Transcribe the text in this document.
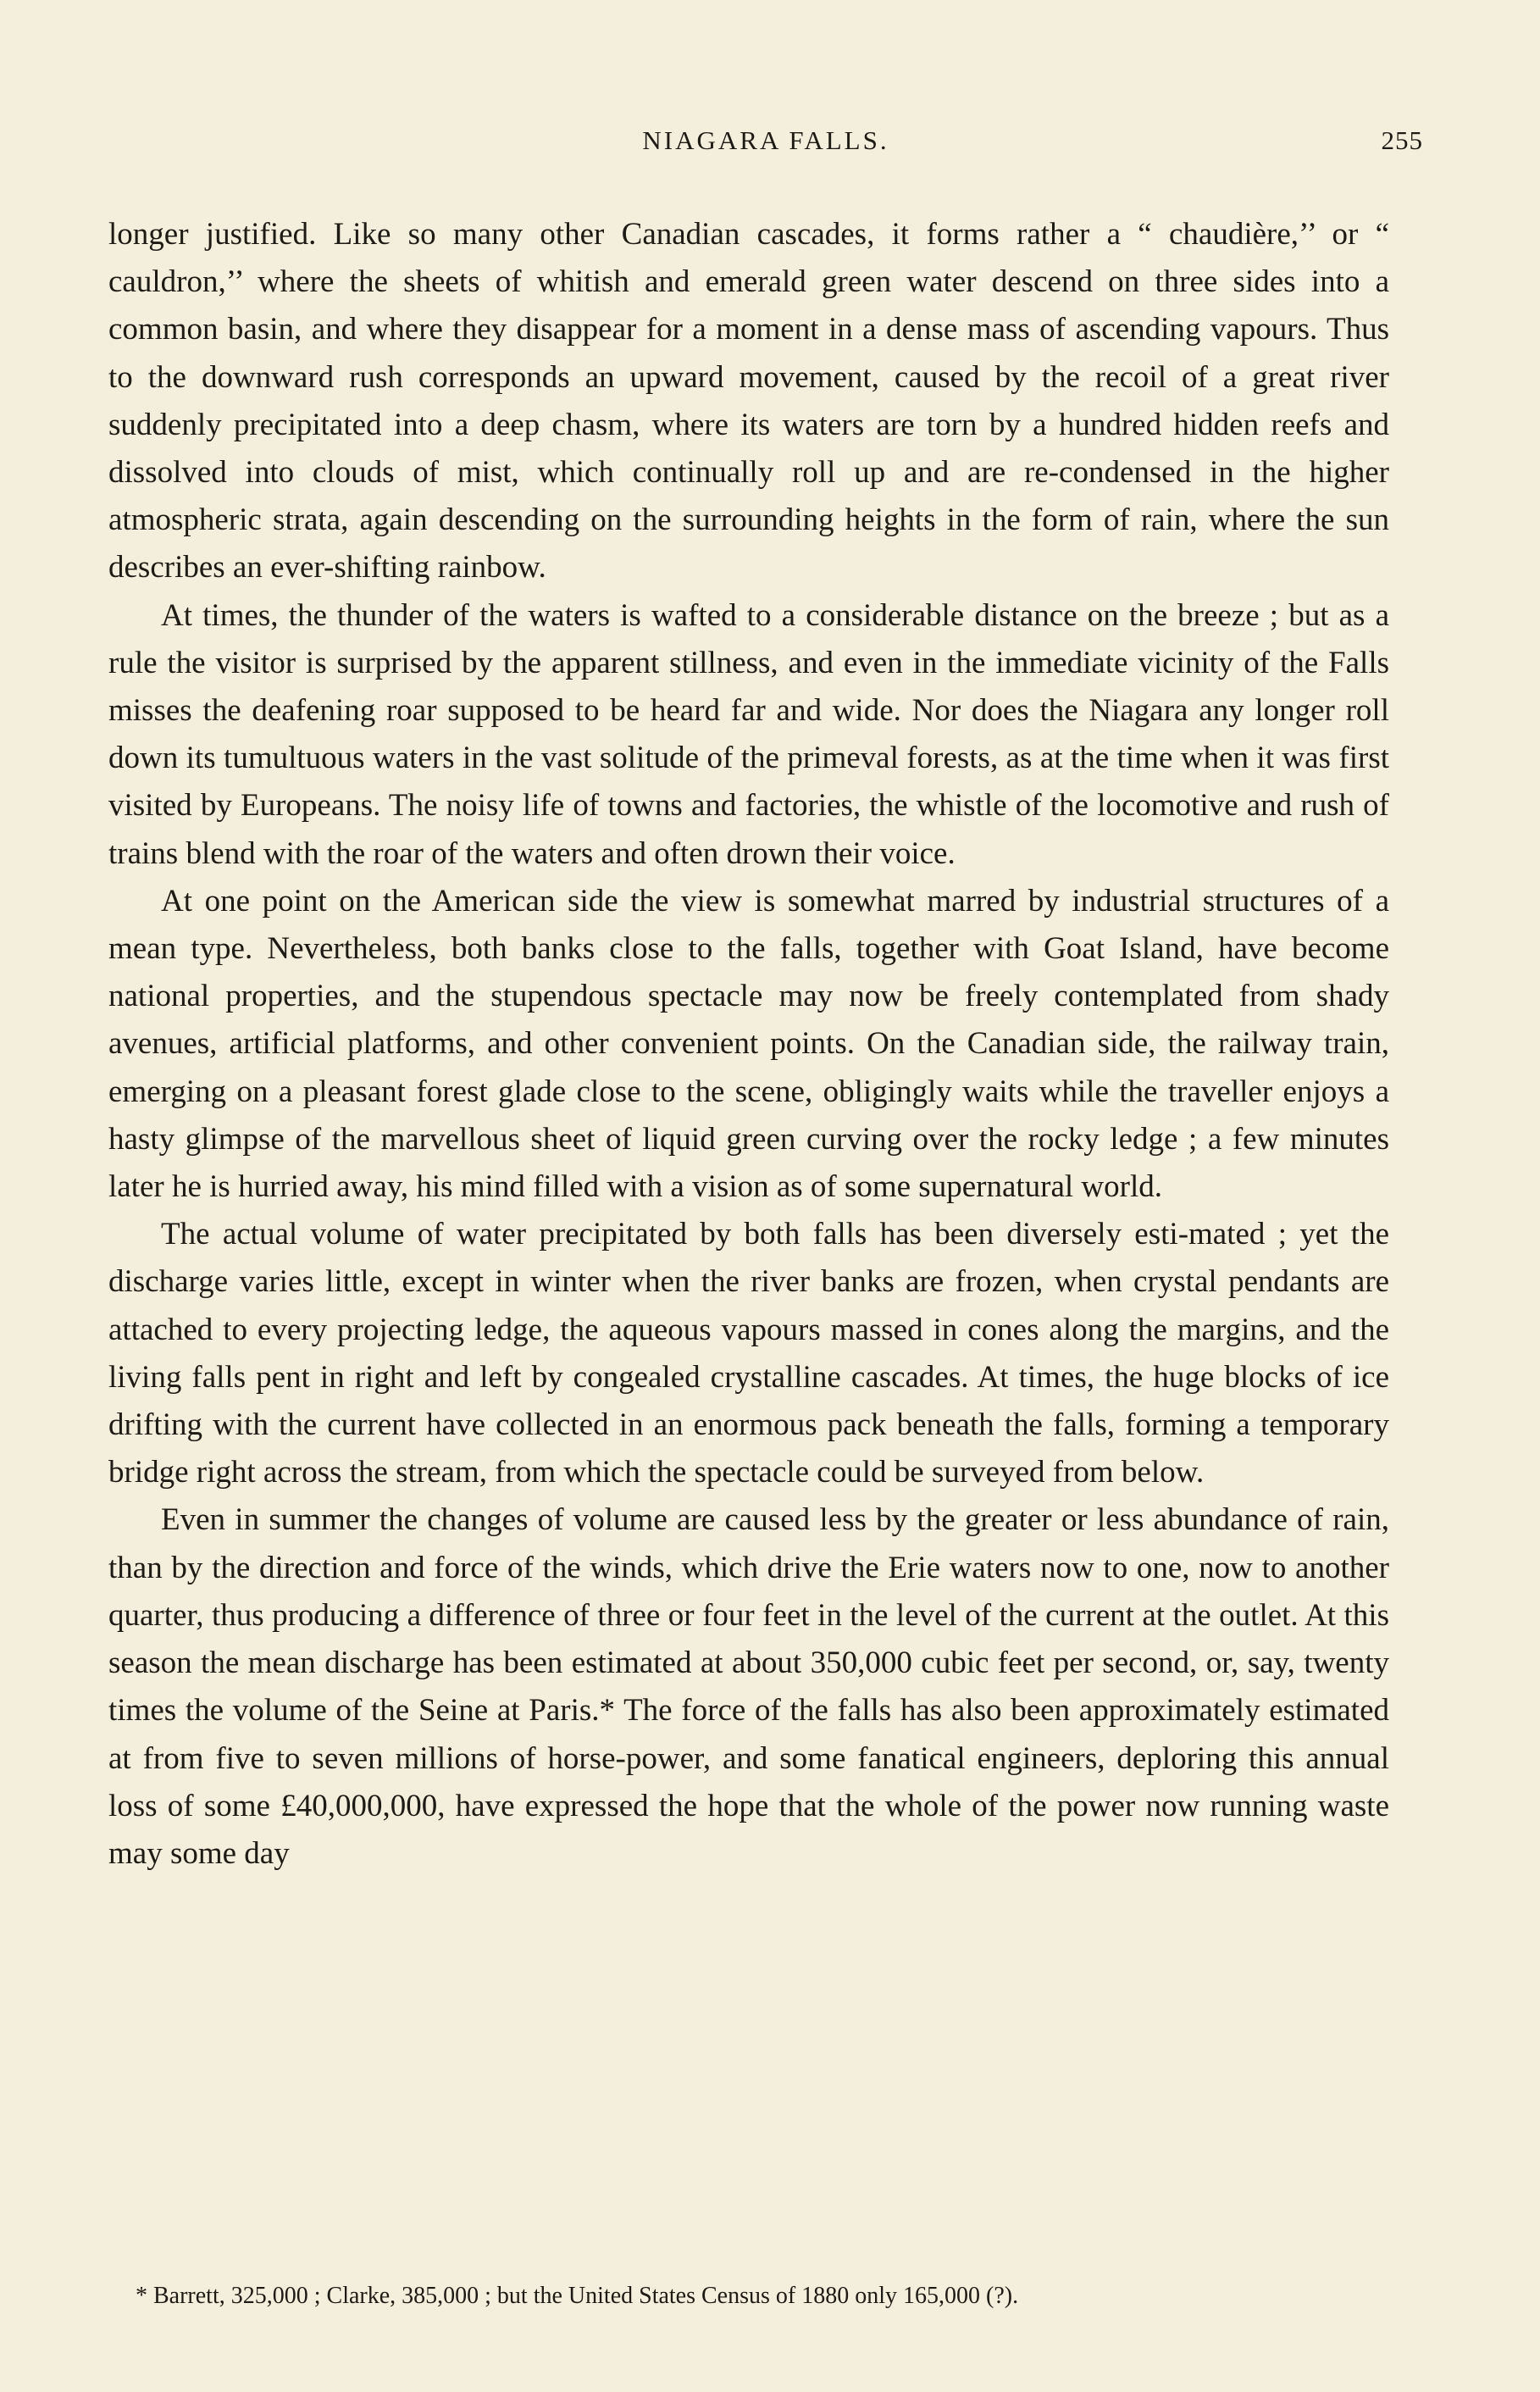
NIAGARA FALLS.	255

longer justified. Like so many other Canadian cascades, it forms rather a “ chaudière,’’ or “ cauldron,’’ where the sheets of whitish and emerald green water descend on three sides into a common basin, and where they disappear for a moment in a dense mass of ascending vapours. Thus to the downward rush corresponds an upward movement, caused by the recoil of a great river suddenly precipitated into a deep chasm, where its waters are torn by a hundred hidden reefs and dissolved into clouds of mist, which continually roll up and are re-condensed in the higher atmospheric strata, again descending on the surrounding heights in the form of rain, where the sun describes an ever-shifting rainbow.

At times, the thunder of the waters is wafted to a considerable distance on the breeze ; but as a rule the visitor is surprised by the apparent stillness, and even in the immediate vicinity of the Falls misses the deafening roar supposed to be heard far and wide. Nor does the Niagara any longer roll down its tumultuous waters in the vast solitude of the primeval forests, as at the time when it was first visited by Europeans. The noisy life of towns and factories, the whistle of the locomotive and rush of trains blend with the roar of the waters and often drown their voice.

At one point on the American side the view is somewhat marred by industrial structures of a mean type. Nevertheless, both banks close to the falls, together with Goat Island, have become national properties, and the stupendous spectacle may now be freely contemplated from shady avenues, artificial platforms, and other convenient points. On the Canadian side, the railway train, emerging on a pleasant forest glade close to the scene, obligingly waits while the traveller enjoys a hasty glimpse of the marvellous sheet of liquid green curving over the rocky ledge ; a few minutes later he is hurried away, his mind filled with a vision as of some supernatural world.

The actual volume of water precipitated by both falls has been diversely esti-mated ; yet the discharge varies little, except in winter when the river banks are frozen, when crystal pendants are attached to every projecting ledge, the aqueous vapours massed in cones along the margins, and the living falls pent in right and left by congealed crystalline cascades. At times, the huge blocks of ice drifting with the current have collected in an enormous pack beneath the falls, forming a temporary bridge right across the stream, from which the spectacle could be surveyed from below.

Even in summer the changes of volume are caused less by the greater or less abundance of rain, than by the direction and force of the winds, which drive the Erie waters now to one, now to another quarter, thus producing a difference of three or four feet in the level of the current at the outlet. At this season the mean discharge has been estimated at about 350,000 cubic feet per second, or, say, twenty times the volume of the Seine at Paris.* The force of the falls has also been approximately estimated at from five to seven millions of horse-power, and some fanatical engineers, deploring this annual loss of some £40,000,000, have expressed the hope that the whole of the power now running waste may some day

* Barrett, 325,000 ; Clarke, 385,000 ; but the United States Census of 1880 only 165,000 (?).
